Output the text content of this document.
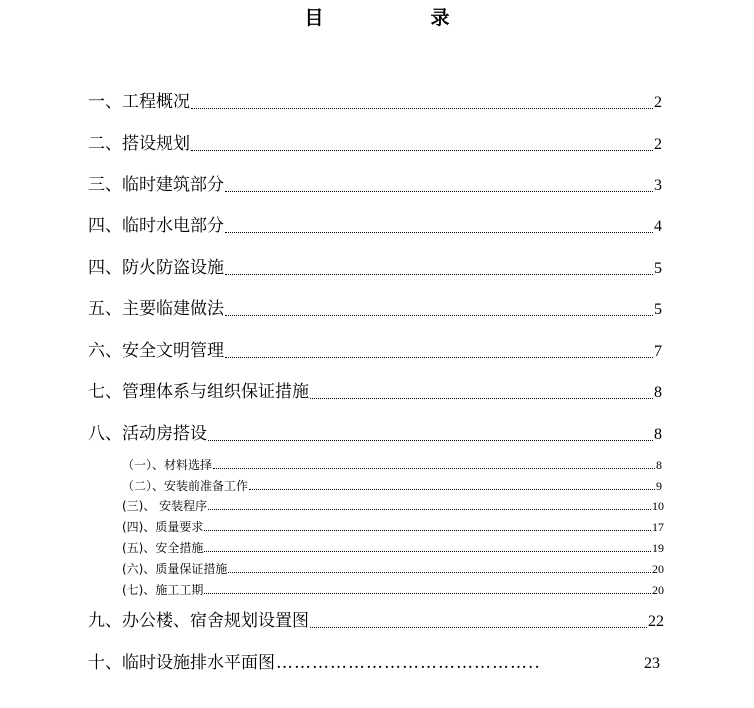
目　录
一、工程概况	2
二、搭设规划	2
三、临时建筑部分	3
四、临时水电部分	4
四、防火防盗设施	5
五、主要临建做法	5
六、安全文明管理	7
七、管理体系与组织保证措施	8
八、活动房搭设	8
（一）、材料选择	8
（二）、安装前准备工作	9
(三)、 安装程序	10
(四)、质量要求	17
(五)、安全措施	19
(六)、质量保证措施	20
(七)、施工工期	20
九、办公楼、宿舍规划设置图	22
十、临时设施排水平面图 ……………………………………..	23
